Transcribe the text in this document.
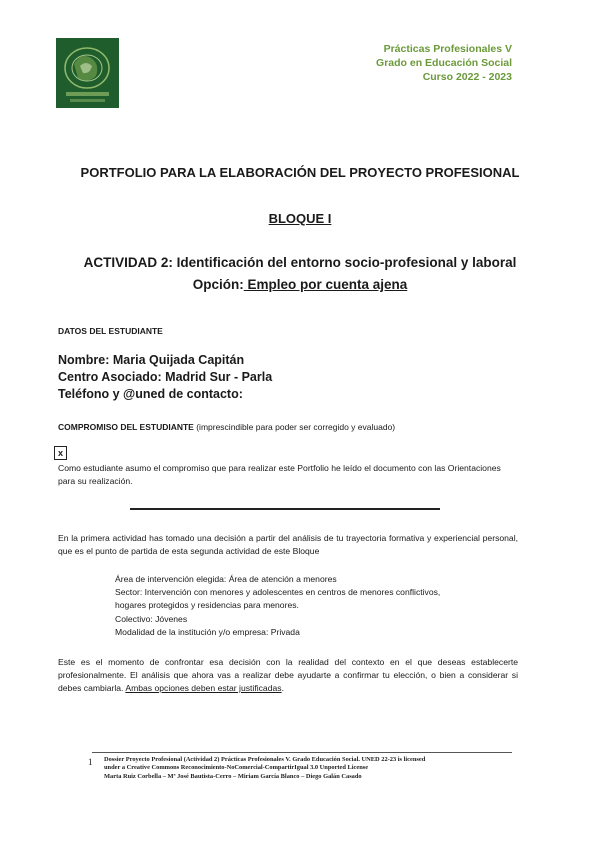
Prácticas Profesionales V
Grado en Educación Social
Curso 2022 - 2023
PORTFOLIO PARA LA ELABORACIÓN DEL PROYECTO PROFESIONAL
BLOQUE I
ACTIVIDAD 2: Identificación del entorno socio-profesional y laboral
Opción: Empleo por cuenta ajena
DATOS DEL ESTUDIANTE
Nombre: Maria Quijada Capitán
Centro Asociado: Madrid Sur - Parla
Teléfono y @uned de contacto:
COMPROMISO DEL ESTUDIANTE (imprescindible para poder ser corregido y evaluado)
x
Como estudiante asumo el compromiso que para realizar este Portfolio he leído el documento con las Orientaciones para su realización.
En la primera actividad has tomado una decisión a partir del análisis de tu trayectoria formativa y experiencial personal, que es el punto de partida de esta segunda actividad de este Bloque
Área de intervención elegida: Área de atención a menores
Sector: Intervención con menores y adolescentes en centros de menores conflictivos,
hogares protegidos y residencias para menores.
Colectivo: Jóvenes
Modalidad de la institución y/o empresa: Privada
Este es el momento de confrontar esa decisión con la realidad del contexto en el que deseas establecerte profesionalmente. El análisis que ahora vas a realizar debe ayudarte a confirmar tu elección, o bien a considerar si debes cambiarla. Ambas opciones deben estar justificadas.
1 Dossier Proyecto Profesional (Actividad 2) Prácticas Profesionales V. Grado Educación Social. UNED 22-23 is licensed
under a Creative Commons Reconocimiento-NoComercial-CompartirIgual 3.0 Unported License
Marta Ruiz Corbella – Mª José Bautista-Cerro – Miriam García Blanco – Diego Galán Casado
